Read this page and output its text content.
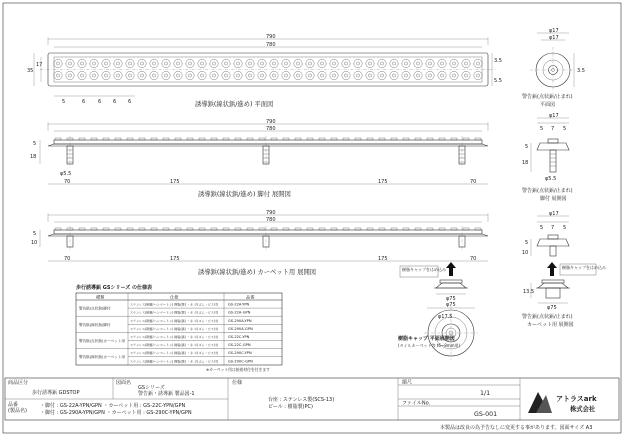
790
780
35
17
3.5
5.5
5	6	6 6 6	誘導鋲(線状鋲/進め) 平面図
790
780
5
18
70	175	175	70
φ5.5
誘導鋲(線状鋲/進め) 脚付 展開図
790
780
5
10
70	175	175	70
誘導鋲(線状鋲/進め) カーペット用 展開図
φ17
φ17
3.5
警告鋲(点状鋲/止まれ)
平面図
φ17
5 7 5
5
18
φ5.5
警告鋲(点状鋲/止まれ)
脚付 展開図
φ17
5 7 5
5
10
樹脂キャップをはめ込み
φ75
φ75
φ17.5
樹脂キャップ 平面展開図
(タイルカーペット等 t6~8mm用)
樹脂キャップをはめ込み
13.5
φ75
警告鋲(点状鋲/止まれ)
カーペット用 展開図
歩行誘導鋲 GSシリーズ の仕様表
種類	仕様	品番
警告鋲(点状鋲)脚付
ステンレス(研磨/ハンマートン) 樹脂(黄) ・ネ ジ(ゴム・ビス付)	GS-22A-YPN
ステンレス(研磨/ハンマートン) 樹脂(黄) ・ネ ジ(ゴム・ビス付)	GS-22A-GPN
警告鋲(線状鋲)脚付
ステンレス(研磨/ハンマートン) 樹脂(黄) ・ネ ジ(ゴム・ビス付)	GS-290A-YPN
ステンレス(研磨/ハンマートン) 樹脂(黄) ・ネ ジ(ゴム・ビス付)	GS-290A-GPN
警告鋲(点状鋲)カーペット用
ステンレス(研磨/ハンマートン) 樹脂(黄) ・ネ ジ(ゴム・ビス付)	GS-22C-YPN
ステンレス(研磨/ハンマートン) 樹脂(黄) ・ネ ジ(ゴム・ビス付)	GS-22C-GPN
警告鋲(線状鋲)カーペット用
ステンレス(研磨/ハンマートン) 樹脂(黄) ・ネ ジ(ゴム・ビス付)	GS-290C-YPN
ステンレス(研磨/ハンマートン) 樹脂(黄) ・ネ ジ(ゴム・ビス付)	GS-290C-GPN
※カーペット用は接着材付を付きます
商品区分
歩行誘導鋲 GDSTOP
図面名
GSシリーズ
警告鋲・誘導鋲 製品図-1
品番
(製品名)
・脚付 : GS-22A-YPN/GPN ・カーペット用 : GS-22C-YPN/GPN
・脚付 : GS-290A-YPN/GPN ・カーペット用 : GS-290C-YPN/GPN
仕様
台座 : ステンレス製(SCS-13)
ピール : 樹脂製(PC)
縮尺
1/1
ファイルNo.
GS-001
アトラスark
株式会社
本製品は改良の為予告なしに変更する事があります。図面サイズ A3
